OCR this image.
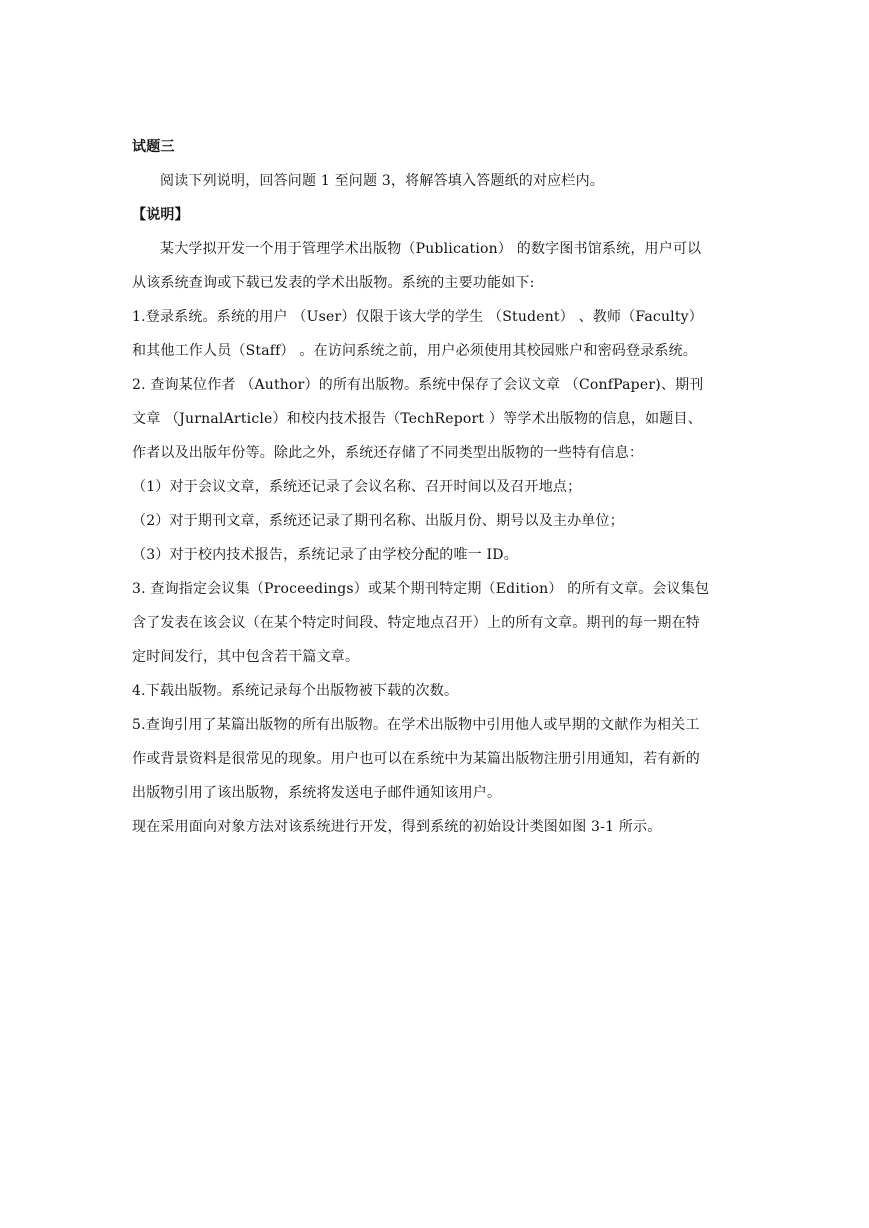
试题三
阅读下列说明，回答问题 1 至问题 3，将解答填入答题纸的对应栏内。
【说明】
某大学拟开发一个用于管理学术出版物（Publication） 的数字图书馆系统，用户可以
从该系统查询或下载已发表的学术出版物。系统的主要功能如下:
1.登录系统。系统的用户 （User）仅限于该大学的学生 （Student） 、教师（Faculty）
和其他工作人员（Staff） 。在访问系统之前，用户必须使用其校园账户和密码登录系统。
2. 查询某位作者 （Author）的所有出版物。系统中保存了会议文章 （ConfPaper)、期刊
文章 （JurnalArticle）和校内技术报告（TechReport ）等学术出版物的信息，如题目、
作者以及出版年份等。除此之外，系统还存储了不同类型出版物的一些特有信息：
（1）对于会议文章，系统还记录了会议名称、召开时间以及召开地点；
（2）对于期刊文章，系统还记录了期刊名称、出版月份、期号以及主办单位；
（3）对于校内技术报告，系统记录了由学校分配的唯一 ID。
3. 查询指定会议集（Proceedings）或某个期刊特定期（Edition） 的所有文章。会议集包
含了发表在该会议（在某个特定时间段、特定地点召开）上的所有文章。期刊的每一期在特
定时间发行，其中包含若干篇文章。
4.下载出版物。系统记录每个出版物被下载的次数。
5.查询引用了某篇出版物的所有出版物。在学术出版物中引用他人或早期的文献作为相关工
作或背景资料是很常见的现象。用户也可以在系统中为某篇出版物注册引用通知，若有新的
出版物引用了该出版物，系统将发送电子邮件通知该用户。
现在采用面向对象方法对该系统进行开发，得到系统的初始设计类图如图 3-1 所示。
